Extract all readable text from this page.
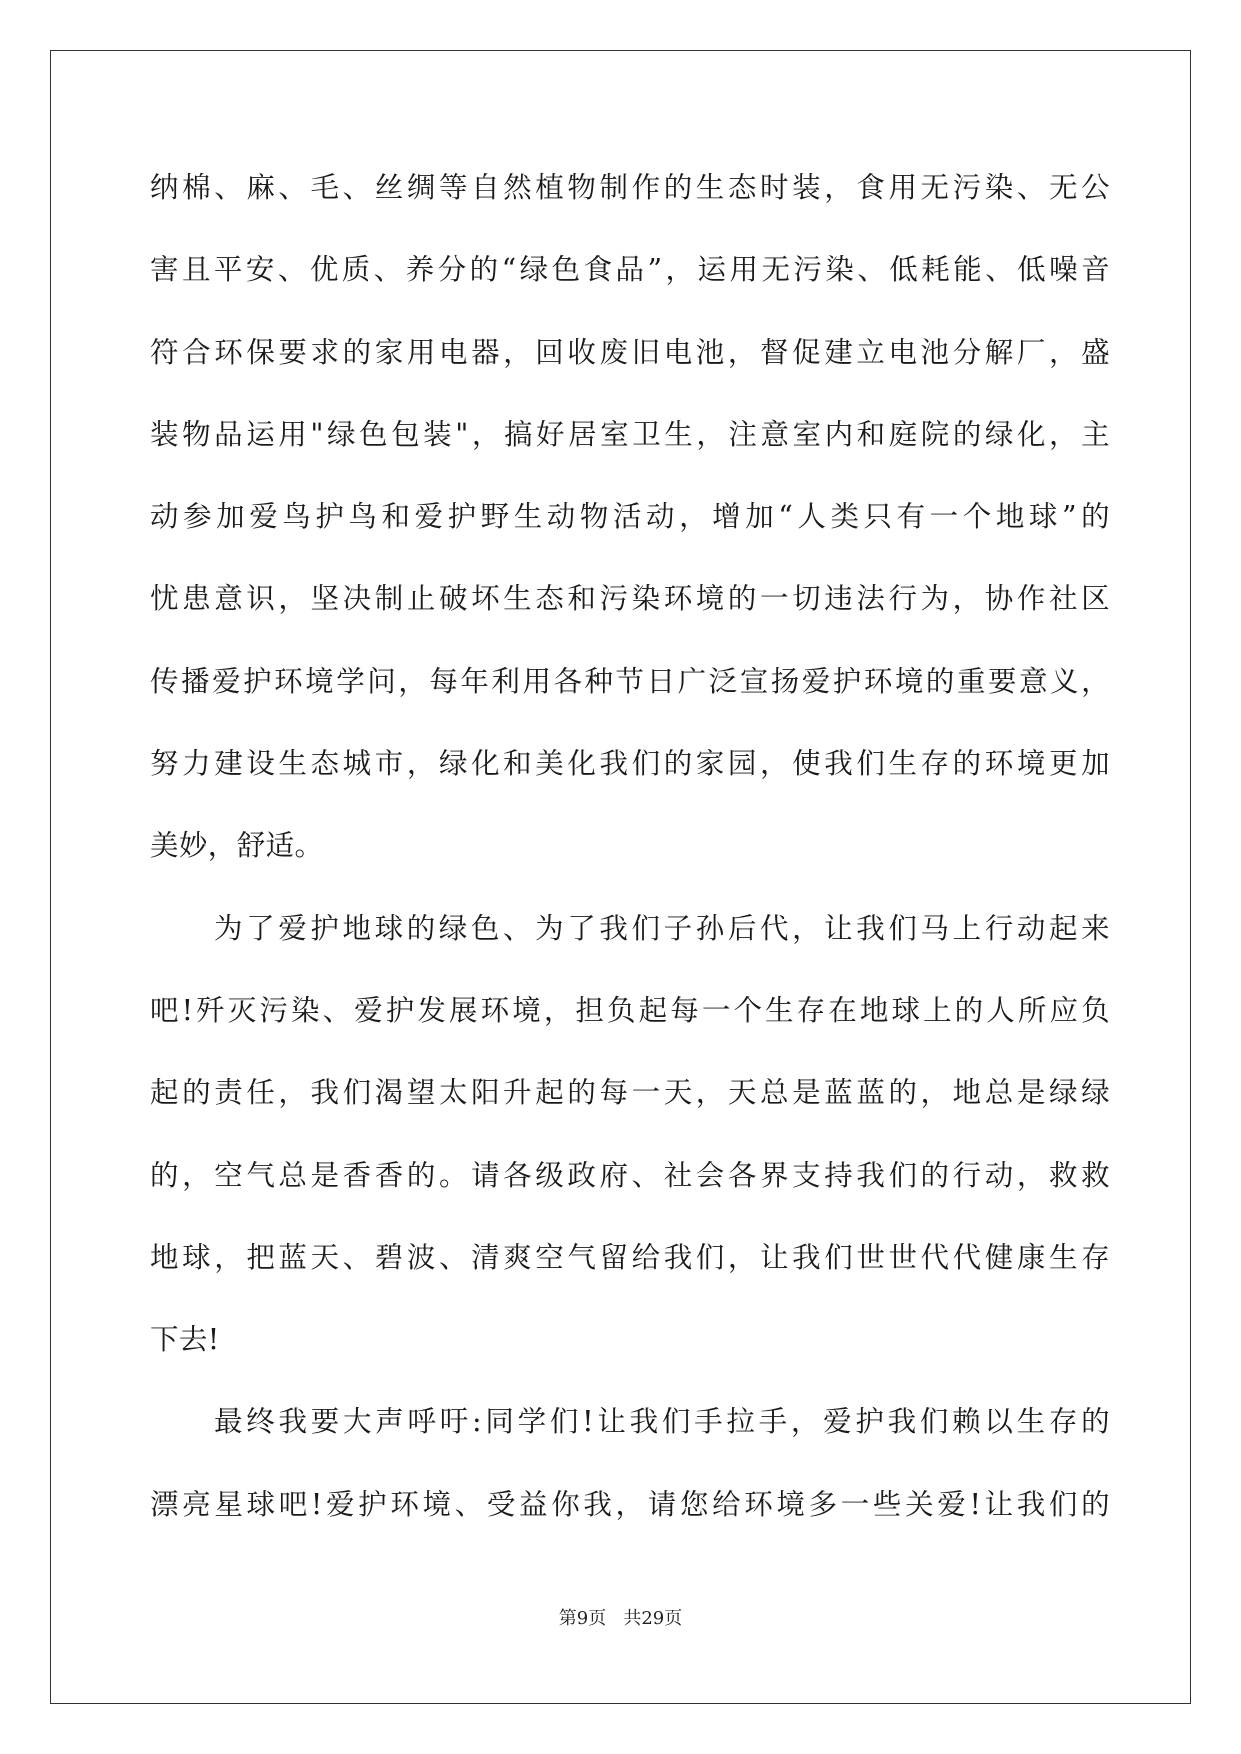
纳棉、麻、毛、丝绸等自然植物制作的生态时装，食用无污染、无公
害且平安、优质、养分的“绿色食品”，运用无污染、低耗能、低噪音
符合环保要求的家用电器，回收废旧电池，督促建立电池分解厂，盛
装物品运用"绿色包装"，搞好居室卫生，注意室内和庭院的绿化，主
动参加爱鸟护鸟和爱护野生动物活动，增加“人类只有一个地球”的
忧患意识，坚决制止破坏生态和污染环境的一切违法行为，协作社区
传播爱护环境学问，每年利用各种节日广泛宣扬爱护环境的重要意义，
努力建设生态城市，绿化和美化我们的家园，使我们生存的环境更加
美妙，舒适。
为了爱护地球的绿色、为了我们子孙后代，让我们马上行动起来
吧!歼灭污染、爱护发展环境，担负起每一个生存在地球上的人所应负
起的责任，我们渴望太阳升起的每一天，天总是蓝蓝的，地总是绿绿
的，空气总是香香的。请各级政府、社会各界支持我们的行动，救救
地球，把蓝天、碧波、清爽空气留给我们，让我们世世代代健康生存
下去!
最终我要大声呼吁:同学们!让我们手拉手，爱护我们赖以生存的
漂亮星球吧!爱护环境、受益你我，请您给环境多一些关爱!让我们的
第9页 共29页
